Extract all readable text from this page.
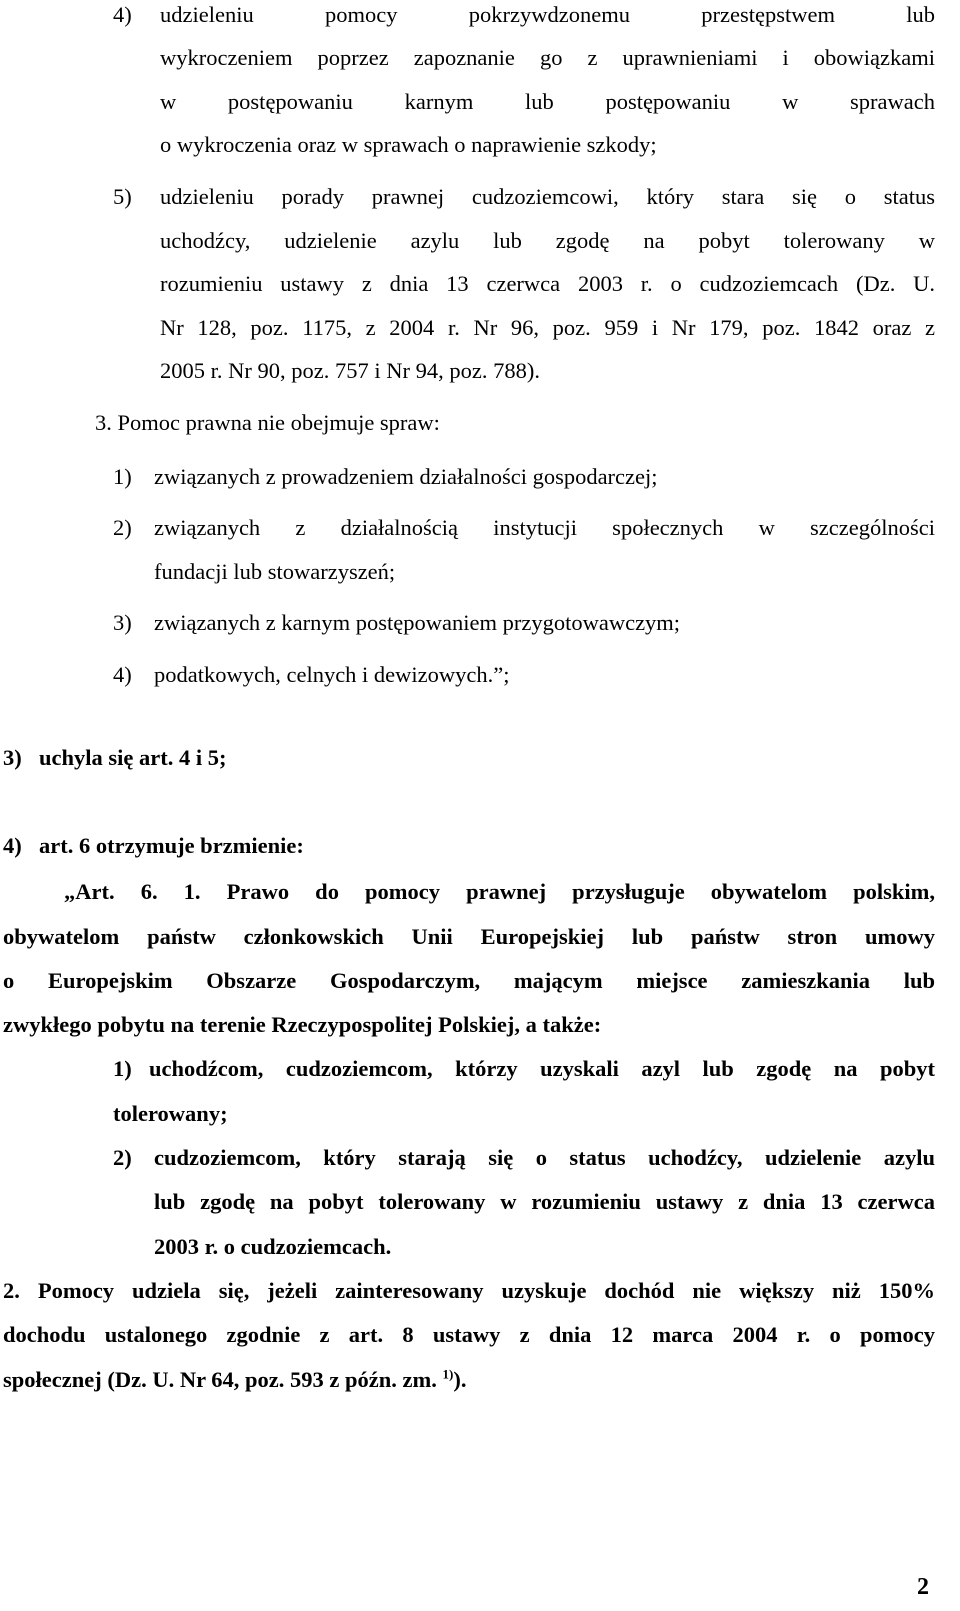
4) udzieleniu pomocy pokrzywdzonemu przestępstwem lub
wykroczeniem poprzez zapoznanie go z uprawnieniami i obowiązkami
w postępowaniu karnym lub postępowaniu w sprawach
o wykroczenia oraz w sprawach o naprawienie szkody;
5) udzieleniu porady prawnej cudzoziemcowi, który stara się o status
uchodźcy, udzielenie azylu lub zgodę na pobyt tolerowany w
rozumieniu ustawy z dnia 13 czerwca 2003 r. o cudzoziemcach (Dz. U.
Nr 128, poz. 1175, z 2004 r. Nr 96, poz. 959 i Nr 179, poz. 1842 oraz z
2005 r. Nr 90, poz. 757 i Nr 94, poz. 788).
3. Pomoc prawna nie obejmuje spraw:
1) związanych z prowadzeniem działalności gospodarczej;
2) związanych z działalnością instytucji społecznych w szczególności
fundacji lub stowarzyszeń;
3) związanych z karnym postępowaniem przygotowawczym;
4) podatkowych, celnych i dewizowych.”;
3) uchyla się art. 4 i 5;
4) art. 6 otrzymuje brzmienie:
„Art. 6. 1. Prawo do pomocy prawnej przysługuje obywatelom polskim,
obywatelom państw członkowskich Unii Europejskiej lub państw stron umowy
o Europejskim Obszarze Gospodarczym, mającym miejsce zamieszkania lub
zwykłego pobytu na terenie Rzeczypospolitej Polskiej, a także:
1) uchodźcom, cudzoziemcom, którzy uzyskali azyl lub zgodę na pobyt
tolerowany;
2) cudzoziemcom, który starają się o status uchodźcy, udzielenie azylu
lub zgodę na pobyt tolerowany w rozumieniu ustawy z dnia 13 czerwca
2003 r. o cudzoziemcach.
2. Pomocy udziela się, jeżeli zainteresowany uzyskuje dochód nie większy niż 150%
dochodu ustalonego zgodnie z art. 8 ustawy z dnia 12 marca 2004 r. o pomocy
społecznej (Dz. U. Nr 64, poz. 593 z późn. zm. $^{1)}$).
2
